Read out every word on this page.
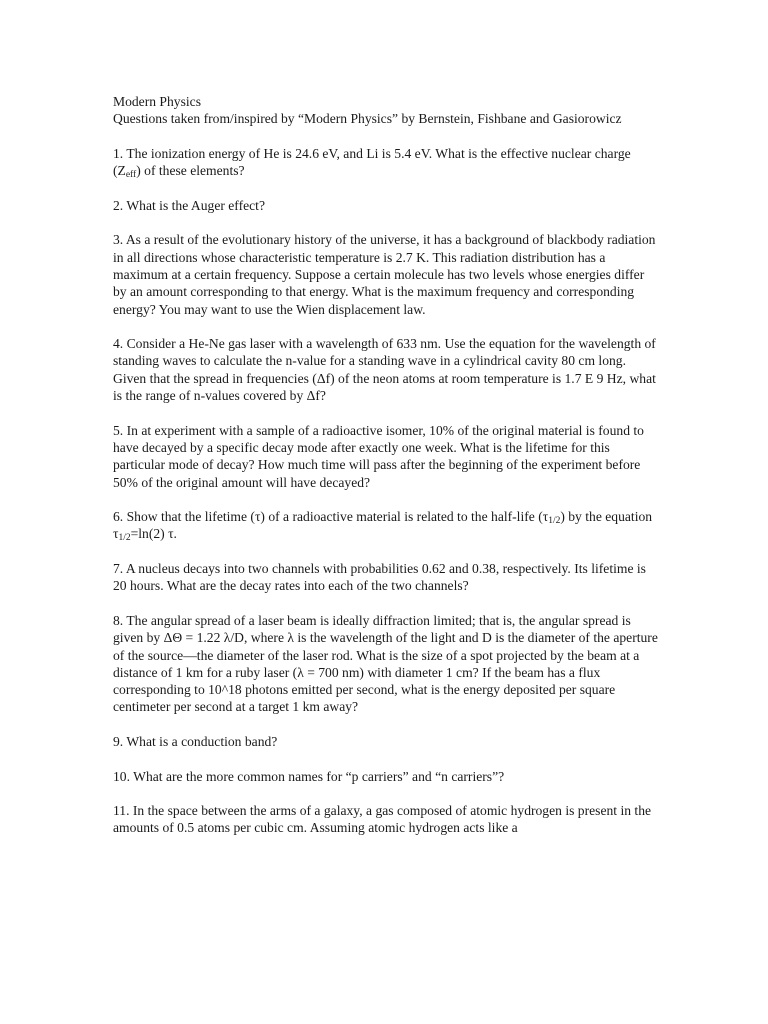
Modern Physics

Questions taken from/inspired by “Modern Physics” by Bernstein, Fishbane and Gasiorowicz

1. The ionization energy of He is 24.6 eV, and Li is 5.4 eV. What is the effective nuclear charge $(Z_{eff})$ of these elements?

2. What is the Auger effect?

3. As a result of the evolutionary history of the universe, it has a background of blackbody radiation in all directions whose characteristic temperature is 2.7 K. This radiation distribution has a maximum at a certain frequency. Suppose a certain molecule has two levels whose energies differ by an amount corresponding to that energy. What is the maximum frequency and corresponding energy? You may want to use the Wien displacement law.

4. Consider a He-Ne gas laser with a wavelength of 633 nm. Use the equation for the wavelength of standing waves to calculate the n-value for a standing wave in a cylindrical cavity 80 cm long. Given that the spread in frequencies (Δf) of the neon atoms at room temperature is 1.7 E 9 Hz, what is the range of n-values covered by Δf?

5. In at experiment with a sample of a radioactive isomer, 10% of the original material is found to have decayed by a specific decay mode after exactly one week. What is the lifetime for this particular mode of decay? How much time will pass after the beginning of the experiment before 50% of the original amount will have decayed?

6. Show that the lifetime (τ) of a radioactive material is related to the half-life $(\tau_{1/2})$ by the equation $\tau_{1/2}=\ln(2)$ τ.

7. A nucleus decays into two channels with probabilities 0.62 and 0.38, respectively. Its lifetime is 20 hours. What are the decay rates into each of the two channels?

8. The angular spread of a laser beam is ideally diffraction limited; that is, the angular spread is given by ΔΘ = 1.22 λ/D, where λ is the wavelength of the light and D is the diameter of the aperture of the source—the diameter of the laser rod. What is the size of a spot projected by the beam at a distance of 1 km for a ruby laser (λ = 700 nm) with diameter 1 cm? If the beam has a flux corresponding to 10^18 photons emitted per second, what is the energy deposited per square centimeter per second at a target 1 km away?

9. What is a conduction band?

10. What are the more common names for “p carriers” and “n carriers”?

11. In the space between the arms of a galaxy, a gas composed of atomic hydrogen is present in the amounts of 0.5 atoms per cubic cm. Assuming atomic hydrogen acts like a
